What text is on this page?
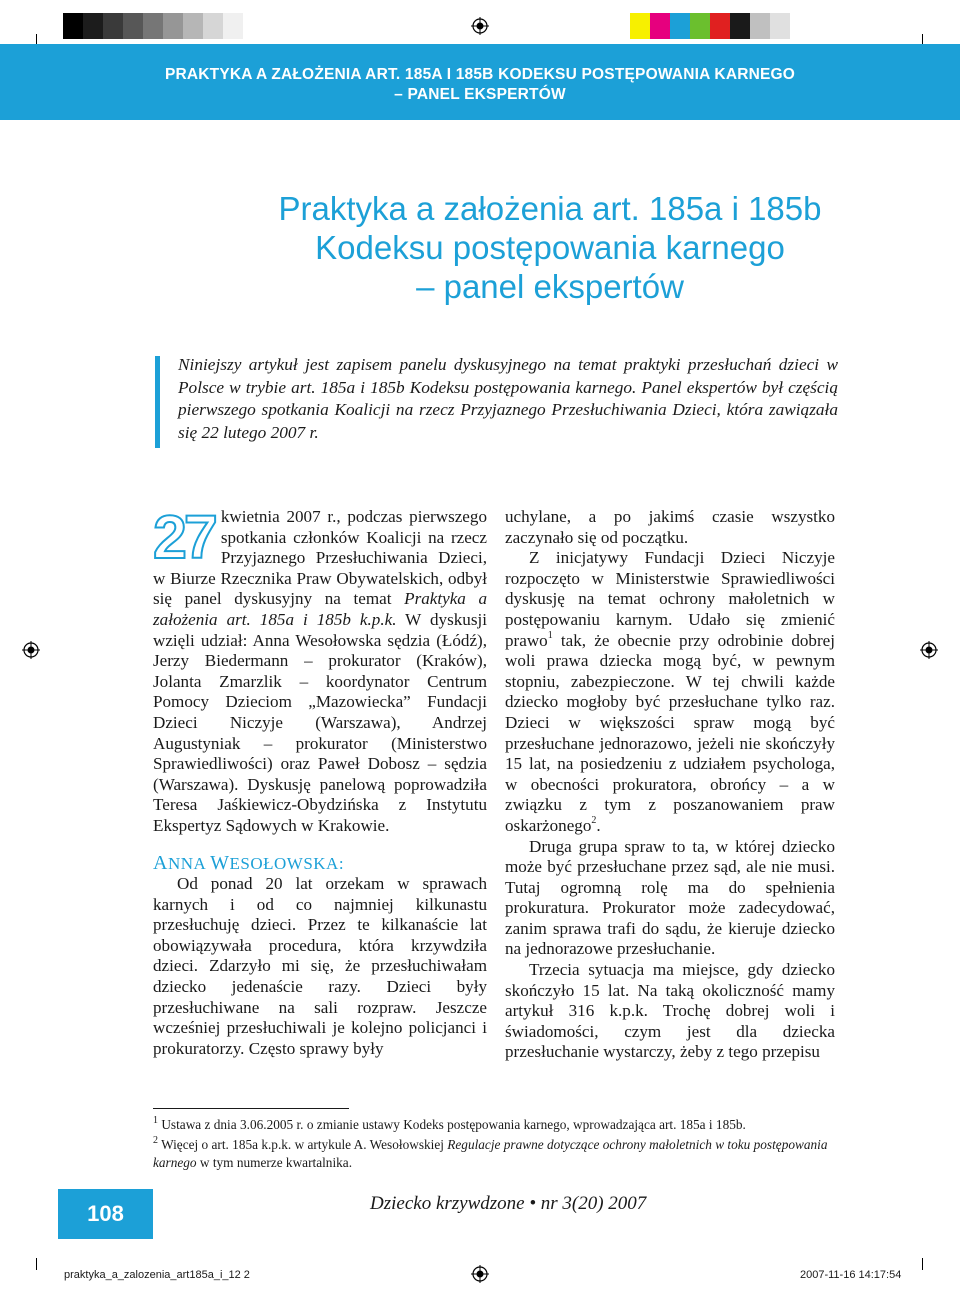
PRAKTYKA A ZAŁOŻENIA ART. 185A I 185B KODEKSU POSTĘPOWANIA KARNEGO
– PANEL EKSPERTÓW
Praktyka a założenia art. 185a i 185b
Kodeksu postępowania karnego
– panel ekspertów
Niniejszy artykuł jest zapisem panelu dyskusyjnego na temat praktyki przesłuchań dzieci w Polsce w trybie art. 185a i 185b Kodeksu postępowania karnego. Panel ekspertów był częścią pierwszego spotkania Koalicji na rzecz Przyjaznego Przesłuchiwania Dzieci, która zawiązała się 22 lutego 2007 r.

27 kwietnia 2007 r., podczas pierwszego spotkania członków Koalicji na rzecz Przyjaznego Przesłuchiwania Dzieci, w Biurze Rzecznika Praw Obywatelskich, odbył się panel dyskusyjny na temat Praktyka a założenia art. 185a i 185b k.p.k. W dyskusji wzięli udział: Anna Wesołowska sędzia (Łódź), Jerzy Biedermann – prokurator (Kraków), Jolanta Zmarzlik – koordynator Centrum Pomocy Dzieciom „Mazowiecka” Fundacji Dzieci Niczyje (Warszawa), Andrzej Augustyniak – prokurator (Ministerstwo Sprawiedliwości) oraz Paweł Dobosz – sędzia (Warszawa). Dyskusję panelową poprowadziła Teresa Jaśkiewicz-Obydzińska z Instytutu Ekspertyz Sądowych w Krakowie.

ANNA WESOŁOWSKA:

Od ponad 20 lat orzekam w sprawach karnych i od co najmniej kilkunastu przesłuchuję dzieci. Przez te kilkanaście lat obowiązywała procedura, która krzywdziła dzieci. Zdarzyło mi się, że przesłuchiwałam dziecko jedenaście razy. Dzieci były przesłuchiwane na sali rozpraw. Jeszcze wcześniej przesłuchiwali je kolejno policjanci i prokuratorzy. Często sprawy były

uchylane, a po jakimś czasie wszystko zaczynało się od początku.

Z inicjatywy Fundacji Dzieci Niczyje rozpoczęto w Ministerstwie Sprawiedliwości dyskusję na temat ochrony małoletnich w postępowaniu karnym. Udało się zmienić prawo$^1$ tak, że obecnie przy odrobinie dobrej woli prawa dziecka mogą być, w pewnym stopniu, zabezpieczone. W tej chwili każde dziecko mogłoby być przesłuchane tylko raz. Dzieci w większości spraw mogą być przesłuchane jednorazowo, jeżeli nie skończyły 15 lat, na posiedzeniu z udziałem psychologa, w obecności prokuratora, obrońcy – a w związku z tym z poszanowaniem praw oskarżonego$^2$.

Druga grupa spraw to ta, w której dziecko może być przesłuchane przez sąd, ale nie musi. Tutaj ogromną rolę ma do spełnienia prokuratura. Prokurator może zadecydować, zanim sprawa trafi do sądu, że kieruje dziecko na jednorazowe przesłuchanie.

Trzecia sytuacja ma miejsce, gdy dziecko skończyło 15 lat. Na taką okoliczność mamy artykuł 316 k.p.k. Trochę dobrej woli i świadomości, czym jest dla dziecka przesłuchanie wystarczy, żeby z tego przepisu

$^1$ Ustawa z dnia 3.06.2005 r. o zmianie ustawy Kodeks postępowania karnego, wprowadzająca art. 185a i 185b.
$^2$ Więcej o art. 185a k.p.k. w artykule A. Wesołowskiej Regulacje prawne dotyczące ochrony małoletnich w toku postępowania karnego w tym numerze kwartalnika.
108	Dziecko krzywdzone • nr 3(20) 2007
praktyka_a_zalozenia_art185a_i_12 2	2007-11-16 14:17:54
